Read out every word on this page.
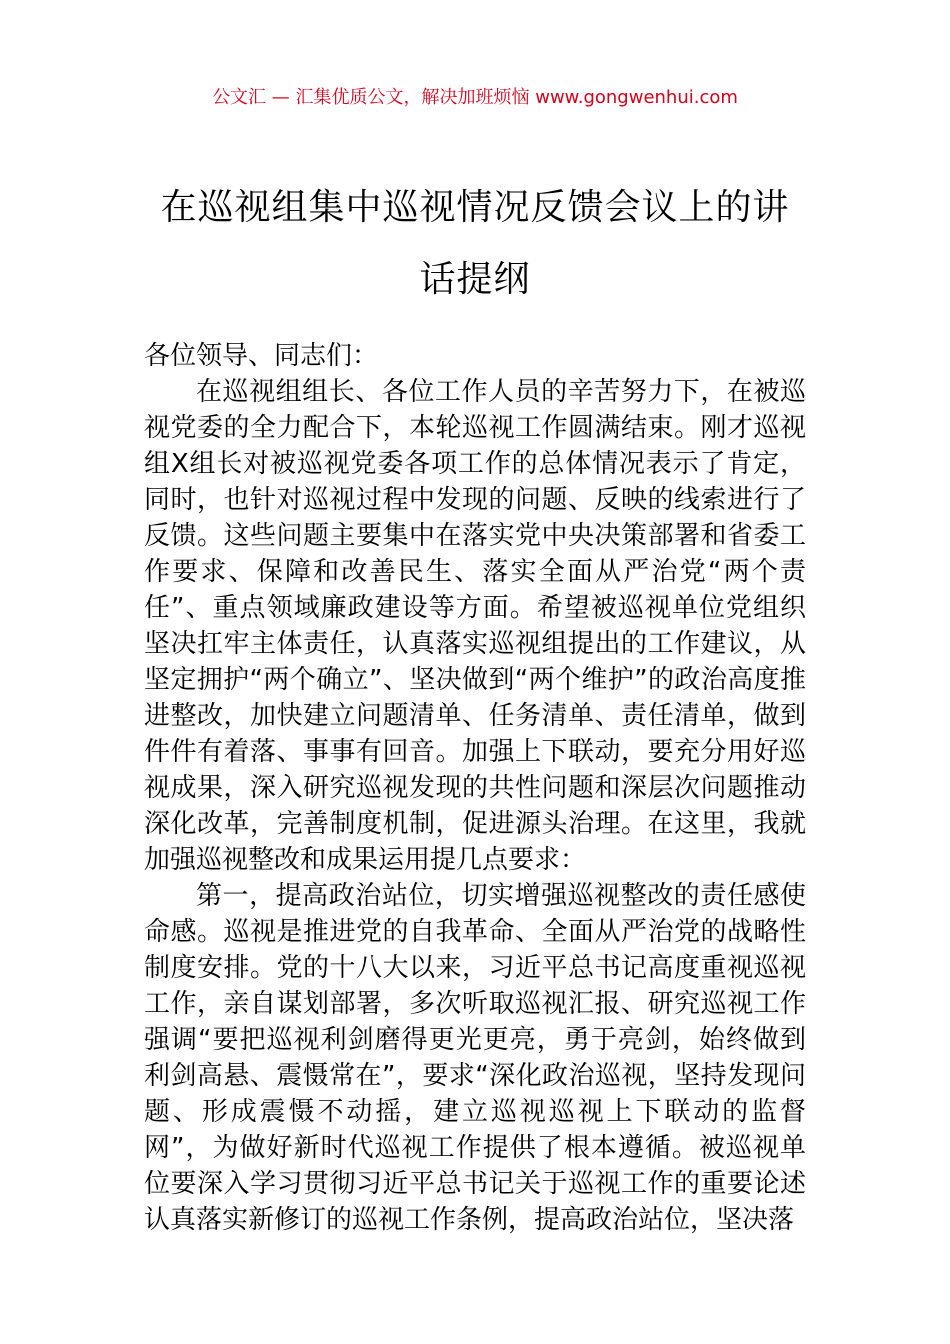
公文汇 — 汇集优质公文，解决加班烦恼 www.gongwenhui.com
在巡视组集中巡视情况反馈会议上的讲话提纲

各位领导、同志们：

在巡视组组长、各位工作人员的辛苦努力下，在被巡视党委的全力配合下，本轮巡视工作圆满结束。刚才巡视组X组长对被巡视党委各项工作的总体情况表示了肯定，同时，也针对巡视过程中发现的问题、反映的线索进行了反馈。这些问题主要集中在落实党中央决策部署和省委工作要求、保障和改善民生、落实全面从严治党“两个责任”、重点领域廉政建设等方面。希望被巡视单位党组织坚决扛牢主体责任，认真落实巡视组提出的工作建议，从坚定拥护“两个确立”、坚决做到“两个维护”的政治高度推进整改，加快建立问题清单、任务清单、责任清单，做到件件有着落、事事有回音。加强上下联动，要充分用好巡视成果，深入研究巡视发现的共性问题和深层次问题推动深化改革，完善制度机制，促进源头治理。在这里，我就加强巡视整改和成果运用提几点要求：

第一，提高政治站位，切实增强巡视整改的责任感使命感。巡视是推进党的自我革命、全面从严治党的战略性制度安排。党的十八大以来，习近平总书记高度重视巡视工作，亲自谋划部署，多次听取巡视汇报、研究巡视工作强调“要把巡视利剑磨得更光更亮，勇于亮剑，始终做到利剑高悬、震慑常在”，要求“深化政治巡视，坚持发现问题、形成震慑不动摇，建立巡视巡视上下联动的监督网”，为做好新时代巡视工作提供了根本遵循。被巡视单位要深入学习贯彻习近平总书记关于巡视工作的重要论述认真落实新修订的巡视工作条例，提高政治站位，坚决落
